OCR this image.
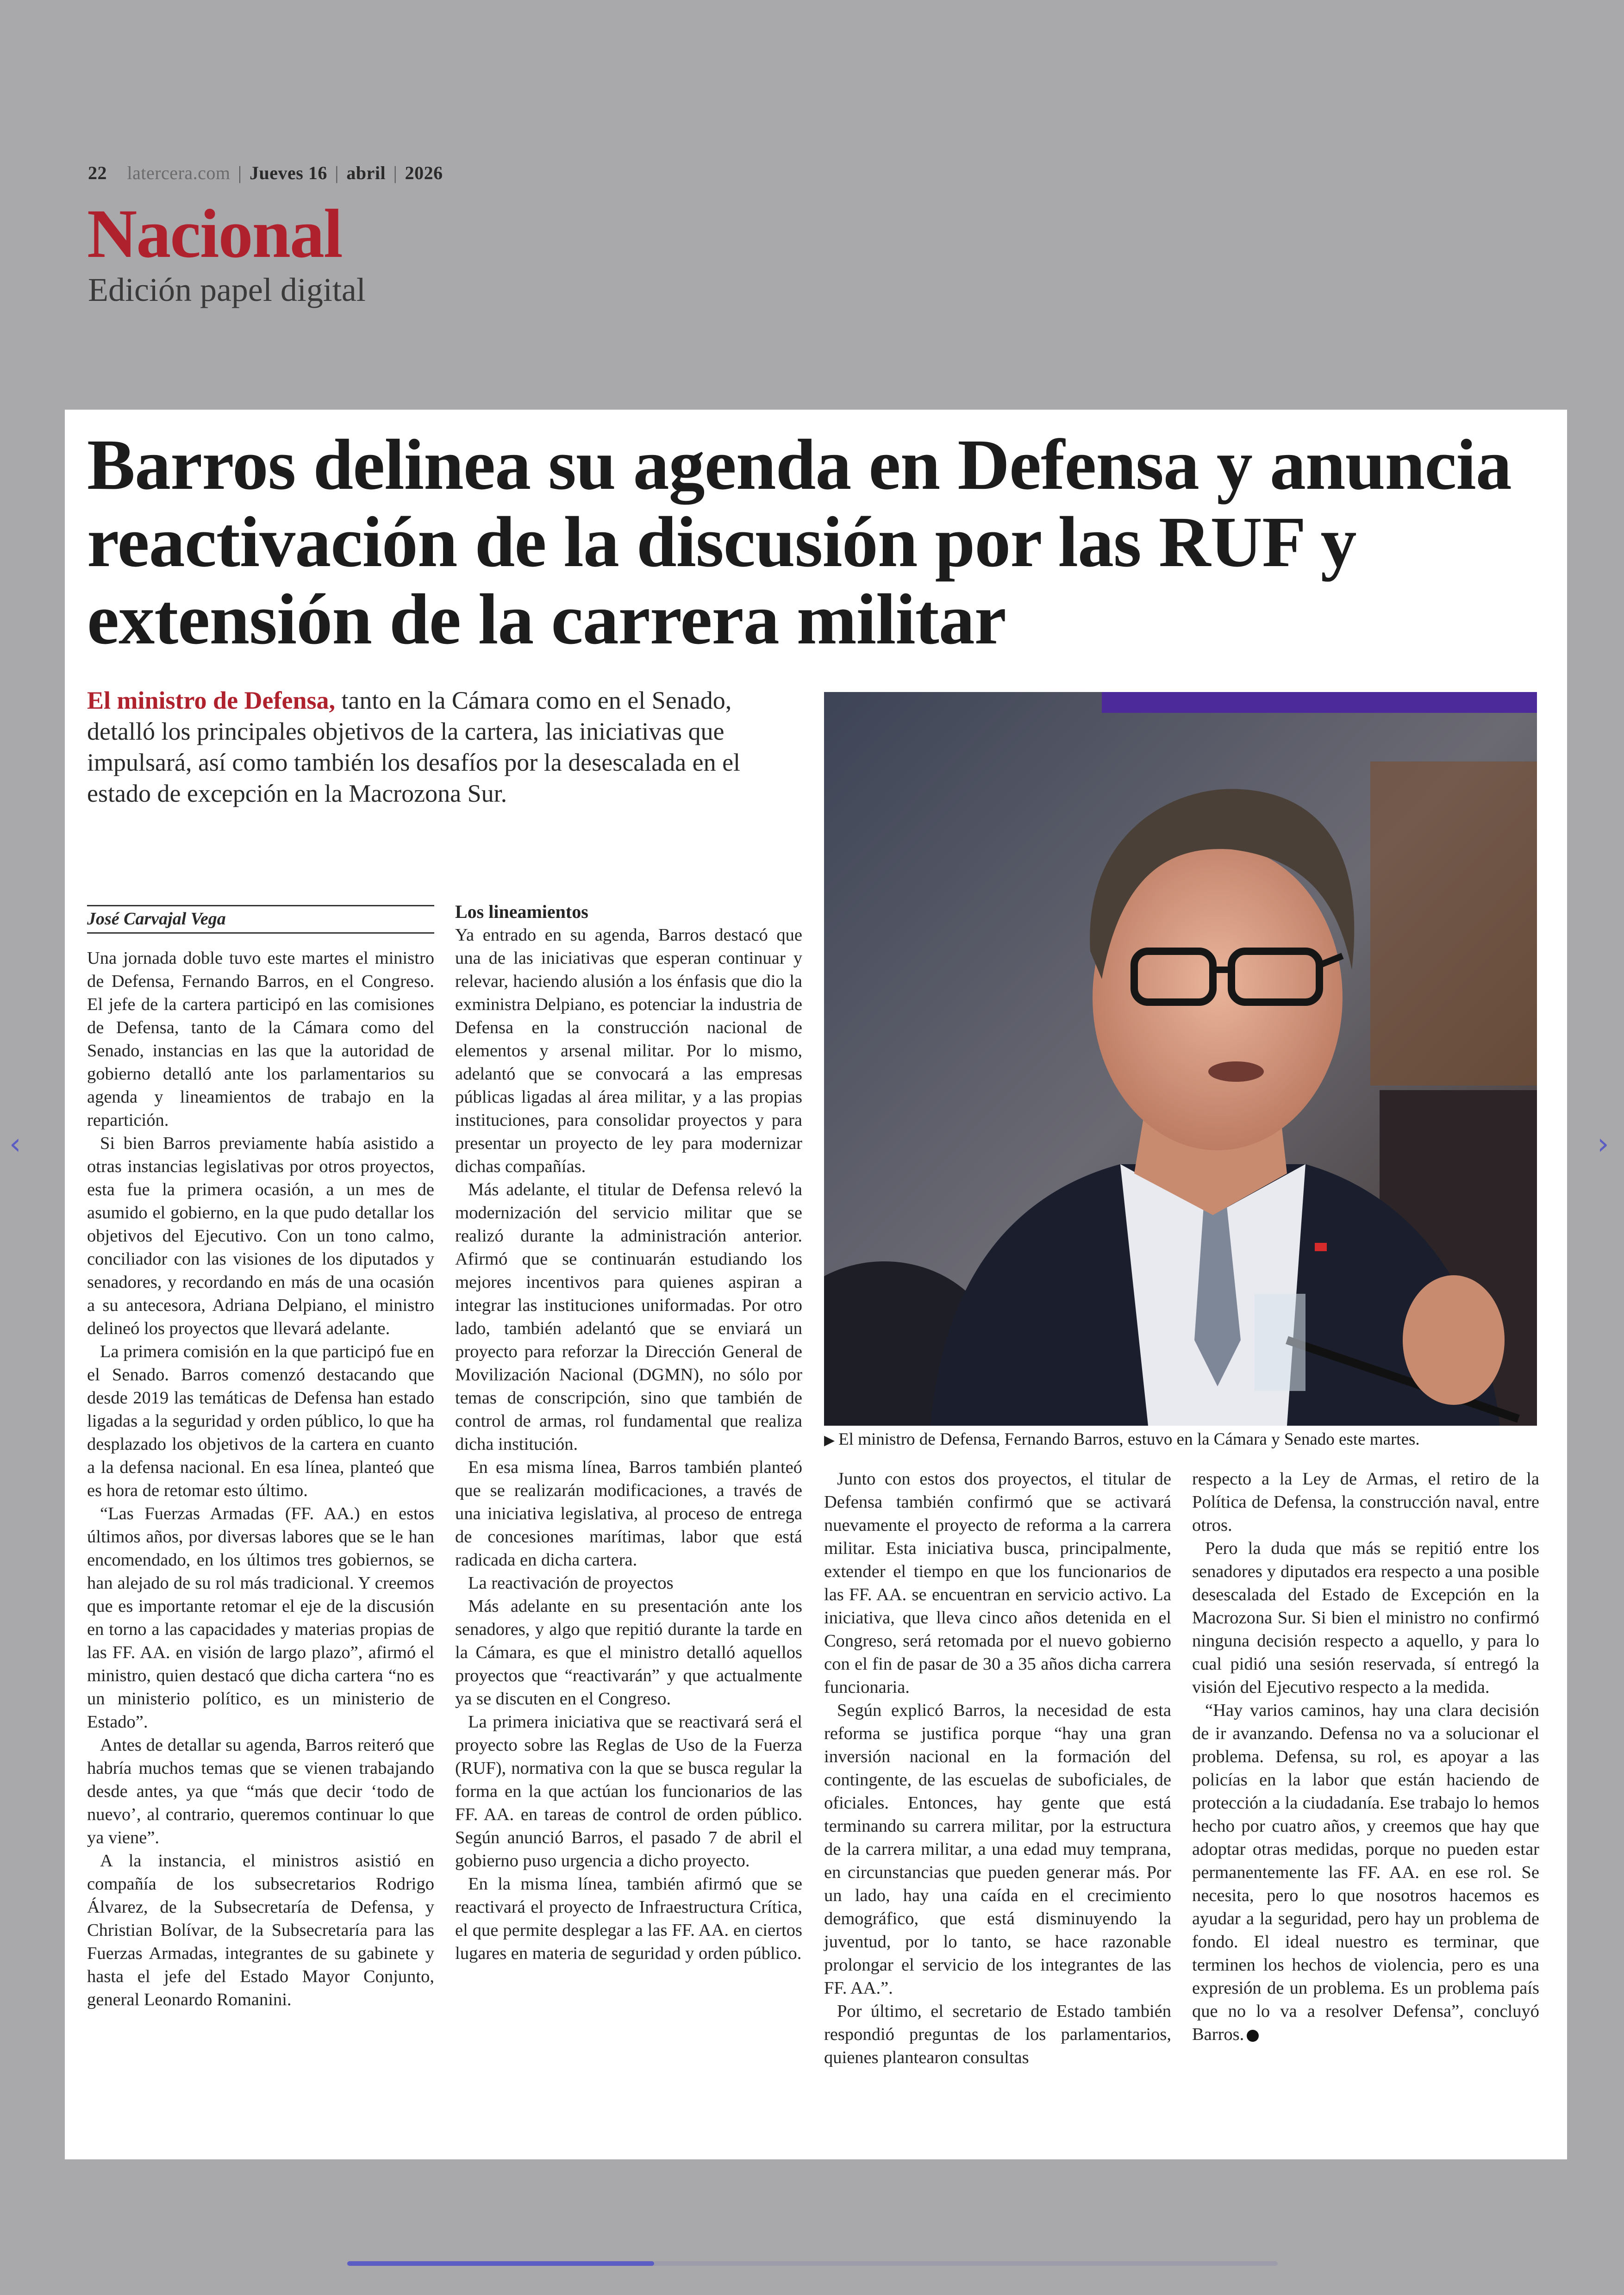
22 latercera.com | Jueves 16 | abril | 2026
Nacional
Edición papel digital
Barros delinea su agenda en Defensa y anuncia reactivación de la discusión por las RUF y extensión de la carrera militar
El ministro de Defensa, tanto en la Cámara como en el Senado, detalló los principales objetivos de la cartera, las iniciativas que impulsará, así como también los desafíos por la desescalada en el estado de excepción en la Macrozona Sur.
▶ El ministro de Defensa, Fernando Barros, estuvo en la Cámara y Senado este martes.
José Carvajal Vega

Una jornada doble tuvo este martes el ministro de Defensa, Fernando Barros, en el Congreso. El jefe de la cartera participó en las comisiones de Defensa, tanto de la Cámara como del Senado, instancias en las que la autoridad de gobierno detalló ante los parlamentarios su agenda y lineamientos de trabajo en la repartición.

Si bien Barros previamente había asistido a otras instancias legislativas por otros proyectos, esta fue la primera ocasión, a un mes de asumido el gobierno, en la que pudo detallar los objetivos del Ejecutivo. Con un tono calmo, conciliador con las visiones de los diputados y senadores, y recordando en más de una ocasión a su antecesora, Adriana Delpiano, el ministro delineó los proyectos que llevará adelante.

La primera comisión en la que participó fue en el Senado. Barros comenzó destacando que desde 2019 las temáticas de Defensa han estado ligadas a la seguridad y orden público, lo que ha desplazado los objetivos de la cartera en cuanto a la defensa nacional. En esa línea, planteó que es hora de retomar esto último.

“Las Fuerzas Armadas (FF. AA.) en estos últimos años, por diversas labores que se le han encomendado, en los últimos tres gobiernos, se han alejado de su rol más tradicional. Y creemos que es importante retomar el eje de la discusión en torno a las capacidades y materias propias de las FF. AA. en visión de largo plazo”, afirmó el ministro, quien destacó que dicha cartera “no es un ministerio político, es un ministerio de Estado”.

Antes de detallar su agenda, Barros reiteró que habría muchos temas que se vienen trabajando desde antes, ya que “más que decir ‘todo de nuevo’, al contrario, queremos continuar lo que ya viene”.

A la instancia, el ministros asistió en compañía de los subsecretarios Rodrigo Álvarez, de la Subsecretaría de Defensa, y Christian Bolívar, de la Subsecretaría para las Fuerzas Armadas, integrantes de su gabinete y hasta el jefe del Estado Mayor Conjunto, general Leonardo Romanini.

Los lineamientos

Ya entrado en su agenda, Barros destacó que una de las iniciativas que esperan continuar y relevar, haciendo alusión a los énfasis que dio la exministra Delpiano, es potenciar la industria de Defensa en la construcción nacional de elementos y arsenal militar. Por lo mismo, adelantó que se convocará a las empresas públicas ligadas al área militar, y a las propias instituciones, para consolidar proyectos y para presentar un proyecto de ley para modernizar dichas compañías.

Más adelante, el titular de Defensa relevó la modernización del servicio militar que se realizó durante la administración anterior. Afirmó que se continuarán estudiando los mejores incentivos para quienes aspiran a integrar las instituciones uniformadas. Por otro lado, también adelantó que se enviará un proyecto para reforzar la Dirección General de Movilización Nacional (DGMN), no sólo por temas de conscripción, sino que también de control de armas, rol fundamental que realiza dicha institución.

En esa misma línea, Barros también planteó que se realizarán modificaciones, a través de una iniciativa legislativa, al proceso de entrega de concesiones marítimas, labor que está radicada en dicha cartera.

La reactivación de proyectos

Más adelante en su presentación ante los senadores, y algo que repitió durante la tarde en la Cámara, es que el ministro detalló aquellos proyectos que “reactivarán” y que actualmente ya se discuten en el Congreso.

La primera iniciativa que se reactivará será el proyecto sobre las Reglas de Uso de la Fuerza (RUF), normativa con la que se busca regular la forma en la que actúan los funcionarios de las FF. AA. en tareas de control de orden público. Según anunció Barros, el pasado 7 de abril el gobierno puso urgencia a dicho proyecto.

En la misma línea, también afirmó que se reactivará el proyecto de Infraestructura Crítica, el que permite desplegar a las FF. AA. en ciertos lugares en materia de seguridad y orden público.

Junto con estos dos proyectos, el titular de Defensa también confirmó que se activará nuevamente el proyecto de reforma a la carrera militar. Esta iniciativa busca, principalmente, extender el tiempo en que los funcionarios de las FF. AA. se encuentran en servicio activo. La iniciativa, que lleva cinco años detenida en el Congreso, será retomada por el nuevo gobierno con el fin de pasar de 30 a 35 años dicha carrera funcionaria.

Según explicó Barros, la necesidad de esta reforma se justifica porque “hay una gran inversión nacional en la formación del contingente, de las escuelas de suboficiales, de oficiales. Entonces, hay gente que está terminando su carrera militar, por la estructura de la carrera militar, a una edad muy temprana, en circunstancias que pueden generar más. Por un lado, hay una caída en el crecimiento demográfico, que está disminuyendo la juventud, por lo tanto, se hace razonable prolongar el servicio de los integrantes de las FF. AA.”.

Por último, el secretario de Estado también respondió preguntas de los parlamentarios, quienes plantearon consultas

respecto a la Ley de Armas, el retiro de la Política de Defensa, la construcción naval, entre otros.

Pero la duda que más se repitió entre los senadores y diputados era respecto a una posible desescalada del Estado de Excepción en la Macrozona Sur. Si bien el ministro no confirmó ninguna decisión respecto a aquello, y para lo cual pidió una sesión reservada, sí entregó la visión del Ejecutivo respecto a la medida.

“Hay varios caminos, hay una clara decisión de ir avanzando. Defensa no va a solucionar el problema. Defensa, su rol, es apoyar a las policías en la labor que están haciendo de protección a la ciudadanía. Ese trabajo lo hemos hecho por cuatro años, y creemos que hay que adoptar otras medidas, porque no pueden estar permanentemente las FF. AA. en ese rol. Se necesita, pero lo que nosotros hacemos es ayudar a la seguridad, pero hay un problema de fondo. El ideal nuestro es terminar, que terminen los hechos de violencia, pero es una expresión de un problema. Es un problema país que no lo va a resolver Defensa”, concluyó Barros.

‹	›
